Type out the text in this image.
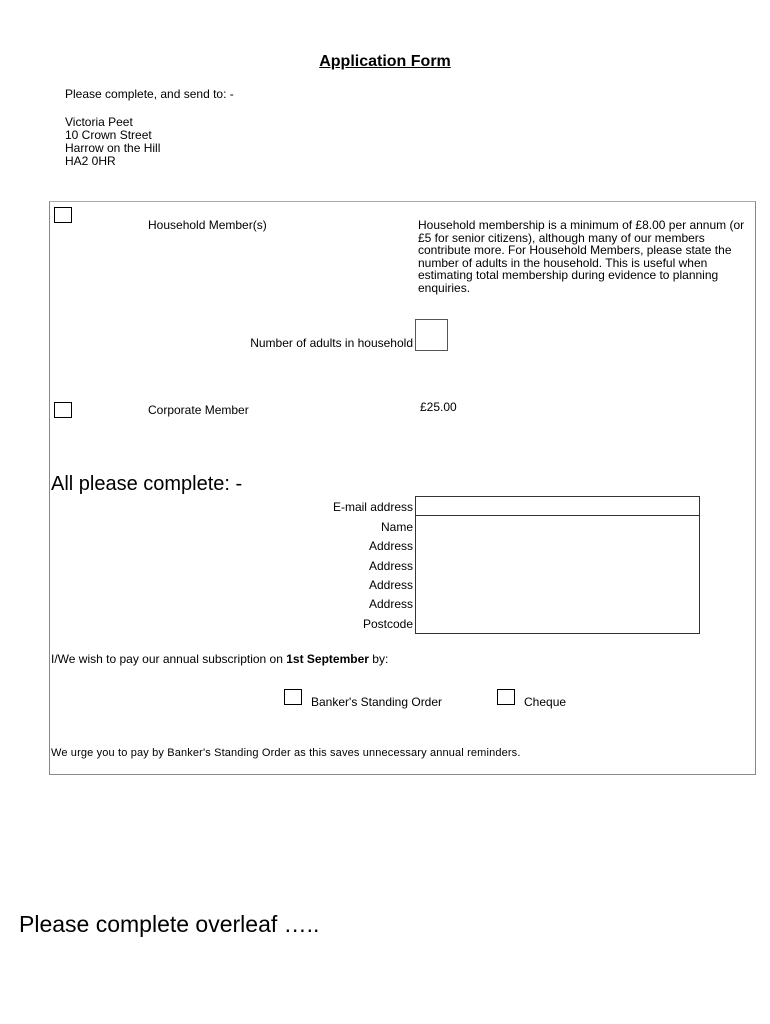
Application Form
Please complete, and send to: -
Victoria Peet
10 Crown Street
Harrow on the Hill
HA2 0HR
Household Member(s)	Household membership is a minimum of £8.00 per annum (or £5 for senior citizens), although many of our members contribute more. For Household Members, please state the number of adults in the household. This is useful when estimating total membership during evidence to planning enquiries.
Number of adults in household
Corporate Member	£25.00
All please complete: -
E-mail address
Name
Address
Address
Address
Address
Postcode
I/We wish to pay our annual subscription on 1st September by:
Banker's Standing Order	Cheque
We urge you to pay by Banker's Standing Order as this saves unnecessary annual reminders.
Please complete overleaf …..
